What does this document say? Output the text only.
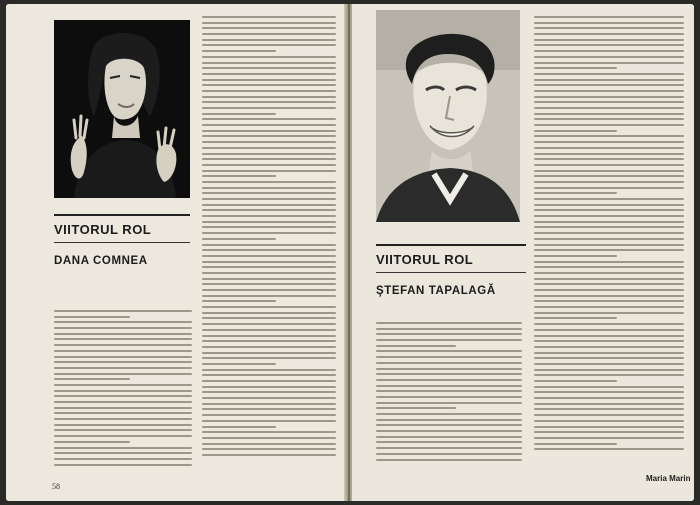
VIITORUL ROL
DANA COMNEA
58
VIITORUL ROL
ŞTEFAN TAPALAGĂ
Maria Marin
